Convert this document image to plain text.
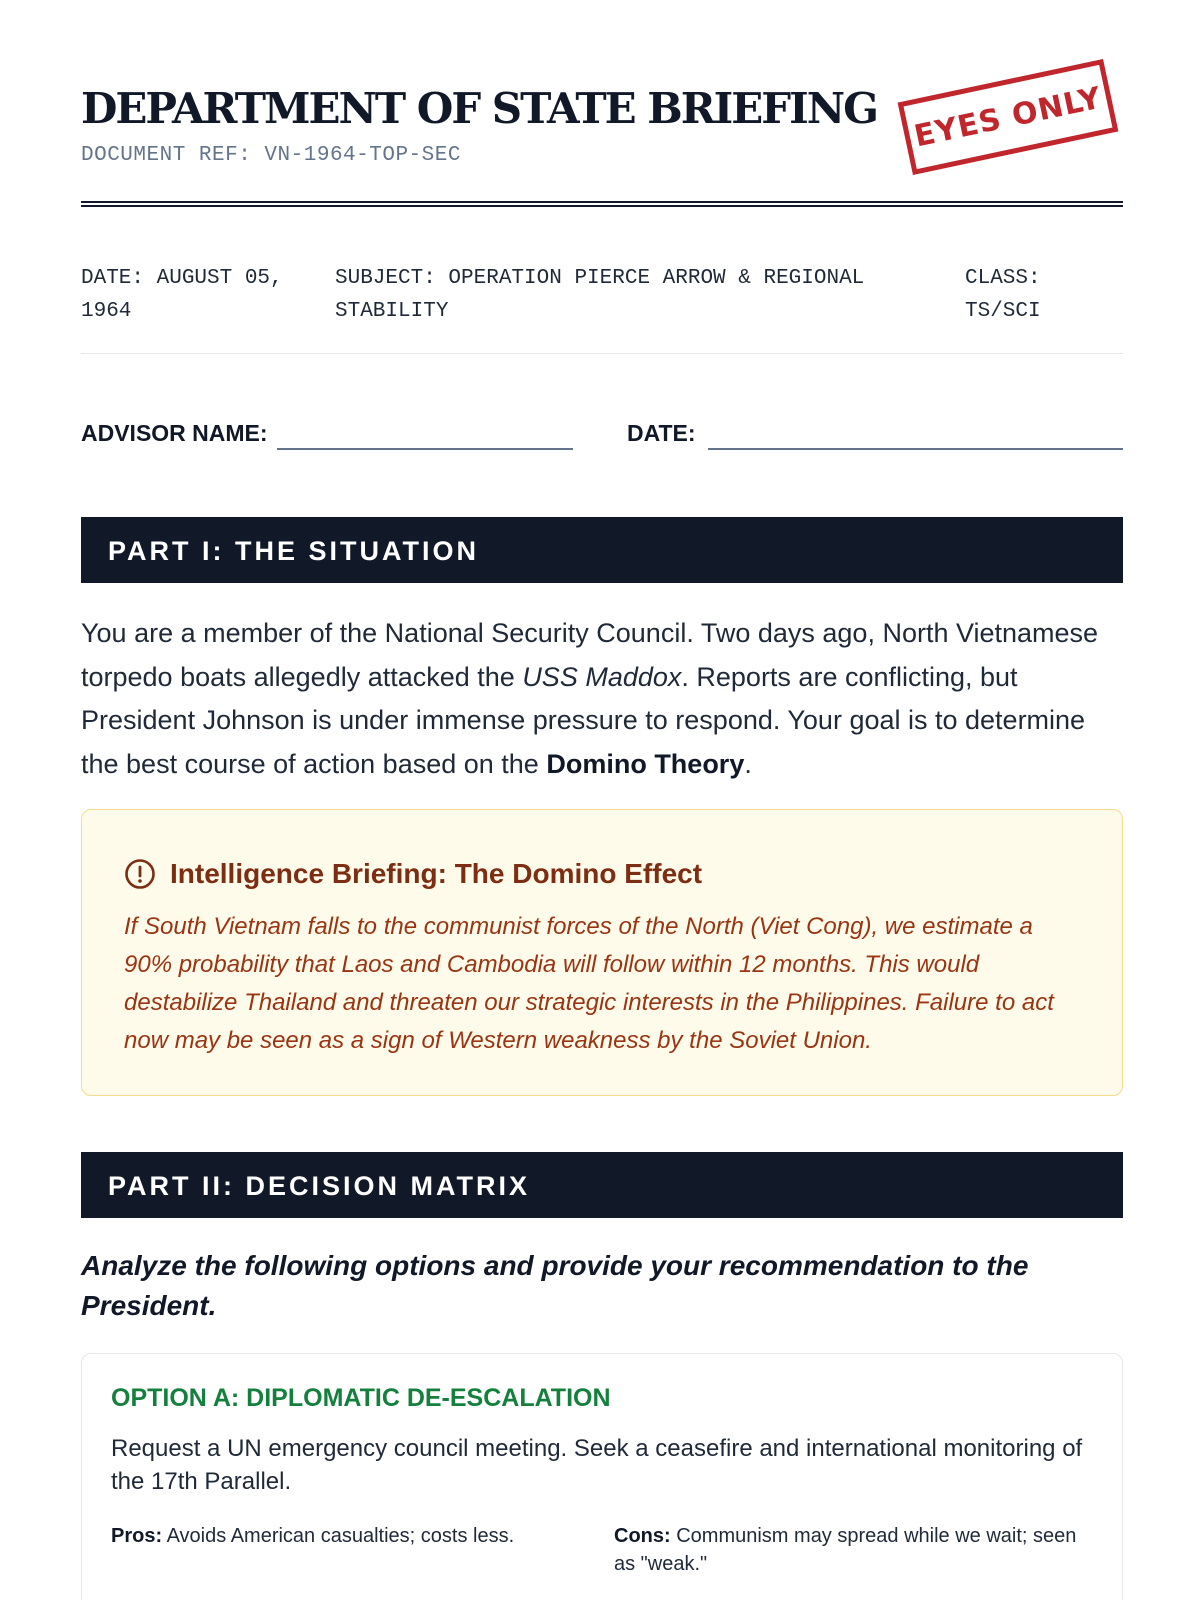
DEPARTMENT OF STATE BRIEFING
DOCUMENT REF: VN-1964-TOP-SEC
EYES ONLY
DATE: AUGUST 05, 1964
SUBJECT: OPERATION PIERCE ARROW & REGIONAL STABILITY
CLASS: TS/SCI
ADVISOR NAME:	DATE:
PART I: THE SITUATION
You are a member of the National Security Council. Two days ago, North Vietnamese torpedo boats allegedly attacked the USS Maddox. Reports are conflicting, but President Johnson is under immense pressure to respond. Your goal is to determine the best course of action based on the Domino Theory.
Intelligence Briefing: The Domino Effect
If South Vietnam falls to the communist forces of the North (Viet Cong), we estimate a 90% probability that Laos and Cambodia will follow within 12 months. This would destabilize Thailand and threaten our strategic interests in the Philippines. Failure to act now may be seen as a sign of Western weakness by the Soviet Union.
PART II: DECISION MATRIX
Analyze the following options and provide your recommendation to the President.
OPTION A: DIPLOMATIC DE-ESCALATION
Request a UN emergency council meeting. Seek a ceasefire and international monitoring of the 17th Parallel.
Pros: Avoids American casualties; costs less.	Cons: Communism may spread while we wait; seen as "weak."
